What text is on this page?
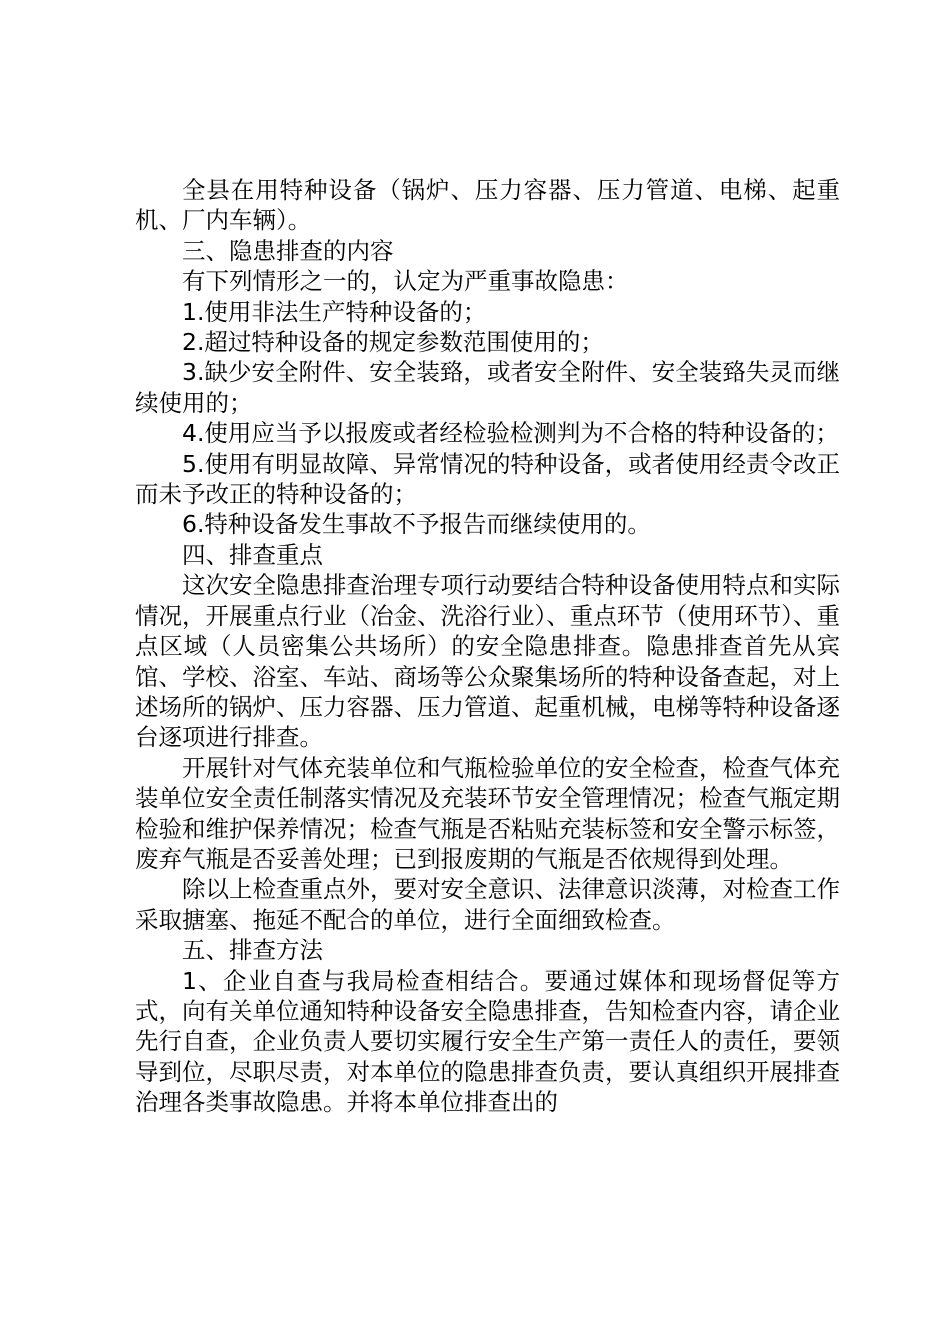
全县在用特种设备（锅炉、压力容器、压力管道、电梯、起重机、厂内车辆）。

三、隐患排查的内容

有下列情形之一的，认定为严重事故隐患：

1.使用非法生产特种设备的；

2.超过特种设备的规定参数范围使用的；

3.缺少安全附件、安全装臵，或者安全附件、安全装臵失灵而继续使用的；

4.使用应当予以报废或者经检验检测判为不合格的特种设备的；

5.使用有明显故障、异常情况的特种设备，或者使用经责令改正而未予改正的特种设备的；

6.特种设备发生事故不予报告而继续使用的。

四、排查重点

这次安全隐患排查治理专项行动要结合特种设备使用特点和实际情况，开展重点行业（冶金、洗浴行业）、重点环节（使用环节）、重点区域（人员密集公共场所）的安全隐患排查。隐患排查首先从宾馆、学校、浴室、车站、商场等公众聚集场所的特种设备查起，对上述场所的锅炉、压力容器、压力管道、起重机械，电梯等特种设备逐台逐项进行排查。

开展针对气体充装单位和气瓶检验单位的安全检查，检查气体充装单位安全责任制落实情况及充装环节安全管理情况；检查气瓶定期检验和维护保养情况；检查气瓶是否粘贴充装标签和安全警示标签，废弃气瓶是否妥善处理；已到报废期的气瓶是否依规得到处理。

除以上检查重点外，要对安全意识、法律意识淡薄，对检查工作采取搪塞、拖延不配合的单位，进行全面细致检查。

五、排查方法

1、企业自查与我局检查相结合。要通过媒体和现场督促等方式，向有关单位通知特种设备安全隐患排查，告知检查内容，请企业先行自查，企业负责人要切实履行安全生产第一责任人的责任，要领导到位，尽职尽责，对本单位的隐患排查负责，要认真组织开展排查治理各类事故隐患。并将本单位排查出的
